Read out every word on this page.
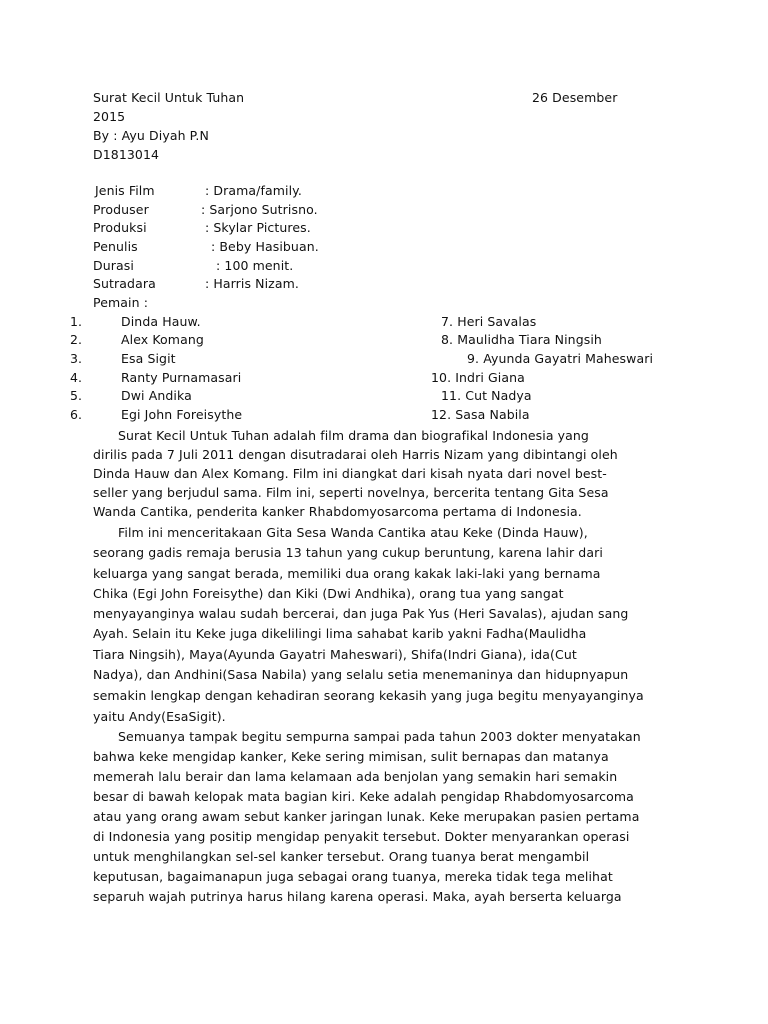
Surat Kecil Untuk Tuhan	26 Desember
2015
By : Ayu Diyah P.N
D1813014
Jenis Film	: Drama/family.
Produser	: Sarjono Sutrisno.
Produksi	: Skylar Pictures.
Penulis	: Beby Hasibuan.
Durasi	: 100 menit.
Sutradara	: Harris Nizam.
Pemain :
1.	Dinda Hauw.
2.	Alex Komang
3.	Esa Sigit
4.	Ranty Purnamasari
5.	Dwi Andika
6.	Egi John Foreisythe
7. Heri Savalas
8. Maulidha Tiara Ningsih
9. Ayunda Gayatri Maheswari
10. Indri Giana
11. Cut Nadya
12. Sasa Nabila

Surat Kecil Untuk Tuhan adalah film drama dan biografikal Indonesia yang

dirilis pada 7 Juli 2011 dengan disutradarai oleh Harris Nizam yang dibintangi oleh

Dinda Hauw dan Alex Komang. Film ini diangkat dari kisah nyata dari novel best-

seller yang berjudul sama. Film ini, seperti novelnya, bercerita tentang Gita Sesa

Wanda Cantika, penderita kanker Rhabdomyosarcoma pertama di Indonesia.

Film ini menceritakaan Gita Sesa Wanda Cantika atau Keke (Dinda Hauw),

seorang gadis remaja berusia 13 tahun yang cukup beruntung, karena lahir dari

keluarga yang sangat berada, memiliki dua orang kakak laki-laki yang bernama

Chika (Egi John Foreisythe) dan Kiki (Dwi Andhika), orang tua yang sangat

menyayanginya walau sudah bercerai, dan juga Pak Yus (Heri Savalas), ajudan sang

Ayah. Selain itu Keke juga dikelilingi lima sahabat karib yakni Fadha(Maulidha

Tiara Ningsih), Maya(Ayunda Gayatri Maheswari), Shifa(Indri Giana), ida(Cut

Nadya), dan Andhini(Sasa Nabila) yang selalu setia menemaninya dan hidupnyapun

semakin lengkap dengan kehadiran seorang kekasih yang juga begitu menyayanginya

yaitu Andy(EsaSigit).

Semuanya tampak begitu sempurna sampai pada tahun 2003 dokter menyatakan

bahwa keke mengidap kanker, Keke sering mimisan, sulit bernapas dan matanya

memerah lalu berair dan lama kelamaan ada benjolan yang semakin hari semakin

besar di bawah kelopak mata bagian kiri. Keke adalah pengidap Rhabdomyosarcoma

atau yang orang awam sebut kanker jaringan lunak. Keke merupakan pasien pertama

di Indonesia yang positip mengidap penyakit tersebut. Dokter menyarankan operasi

untuk menghilangkan sel-sel kanker tersebut. Orang tuanya berat mengambil

keputusan, bagaimanapun juga sebagai orang tuanya, mereka tidak tega melihat

separuh wajah putrinya harus hilang karena operasi. Maka, ayah berserta keluarga
